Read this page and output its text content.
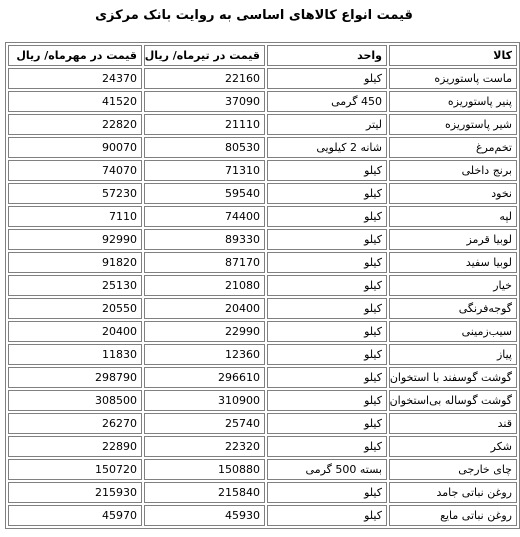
قیمت انواع کالاهای اساسی به روایت بانک مرکزی
کالا	واحد	قیمت در تیرماه/ ریال	قیمت در مهرماه/ ریال
ماست پاستوریزه	کیلو	22160	24370
پنیر پاستوریزه	450 گرمی	37090	41520
شیر پاستوریزه	لیتر	21110	22820
تخم‌مرغ	شانه 2 کیلویی	80530	90070
برنج داخلی	کیلو	71310	74070
نخود	کیلو	59540	57230
لپه	کیلو	74400	7110
لوبیا قرمز	کیلو	89330	92990
لوبیا سفید	کیلو	87170	91820
خیار	کیلو	21080	25130
گوجه‌فرنگی	کیلو	20400	20550
سیب‌زمینی	کیلو	22990	20400
پیاز	کیلو	12360	11830
گوشت گوسفند با استخوان	کیلو	296610	298790
گوشت گوساله بی‌استخوان	کیلو	310900	308500
قند	کیلو	25740	26270
شکر	کیلو	22320	22890
چای خارجی	بسته 500 گرمی	150880	150720
روغن نباتی جامد	کیلو	215840	215930
روغن نباتی مایع	کیلو	45930	45970
